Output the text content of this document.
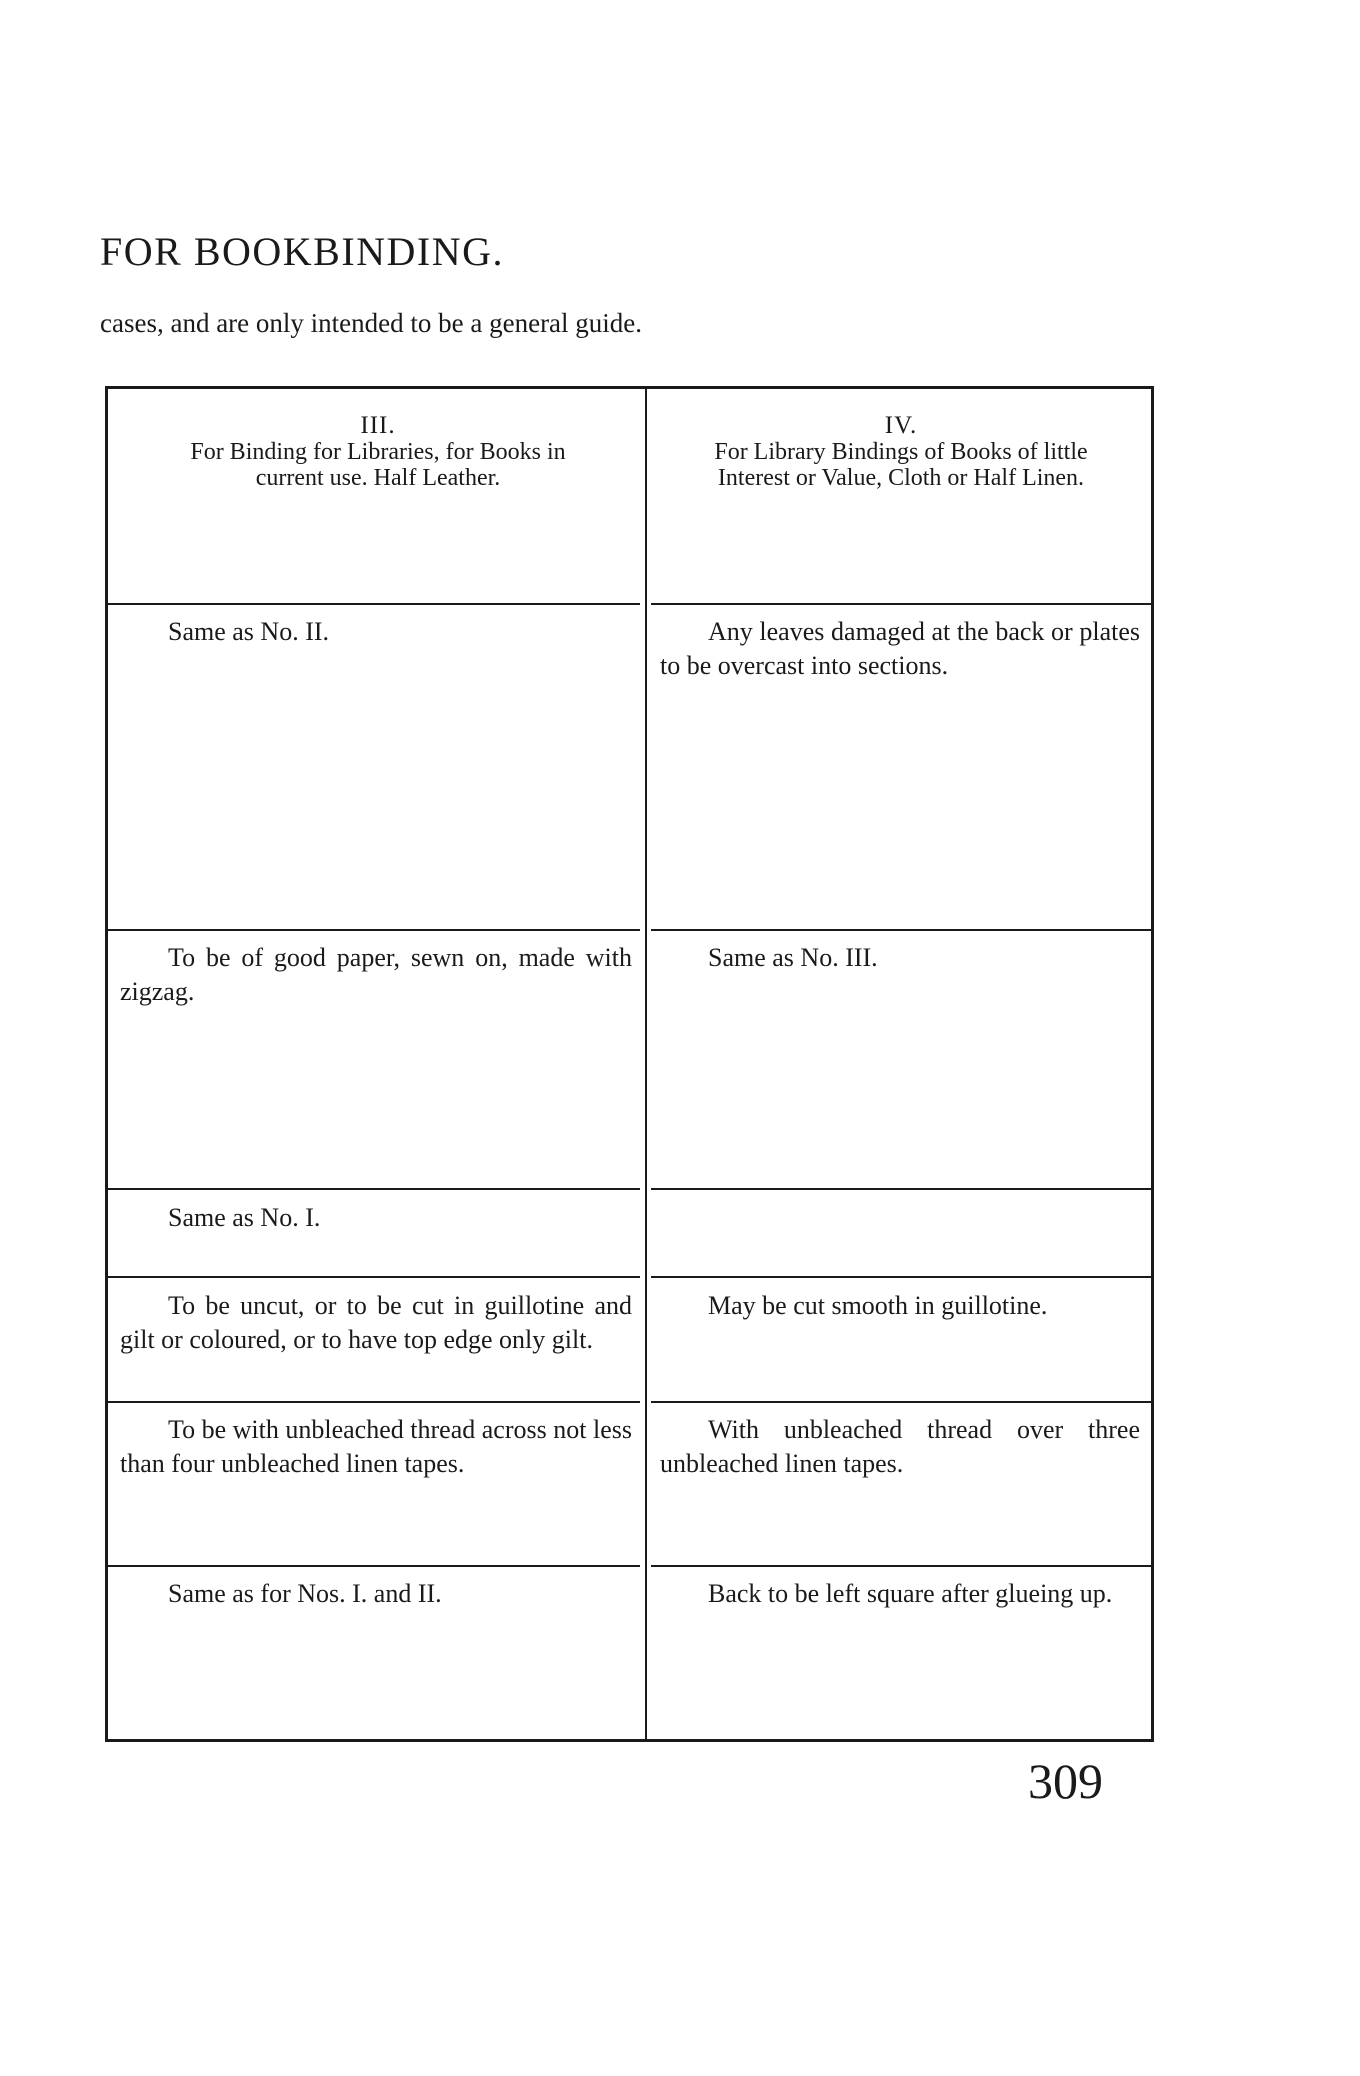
FOR BOOKBINDING.

cases, and are only intended to be a general guide.

III.
For Binding for Libraries, for Books in
current use. Half Leather.
IV.
For Library Bindings of Books of little
Interest or Value, Cloth or Half Linen.
Same as No. II.	Any leaves damaged at the back or plates to be overcast into sections.
To be of good paper, sewn on, made with zigzag.
Same as No. III.
Same as No. I.
To be uncut, or to be cut in guillotine and gilt or coloured, or to have top edge only gilt.
May be cut smooth in guillotine.
To be with unbleached thread across not less than four unbleached linen tapes.
With unbleached thread over three unbleached linen tapes.
Same as for Nos. I. and II.	Back to be left square after glueing up.

309
